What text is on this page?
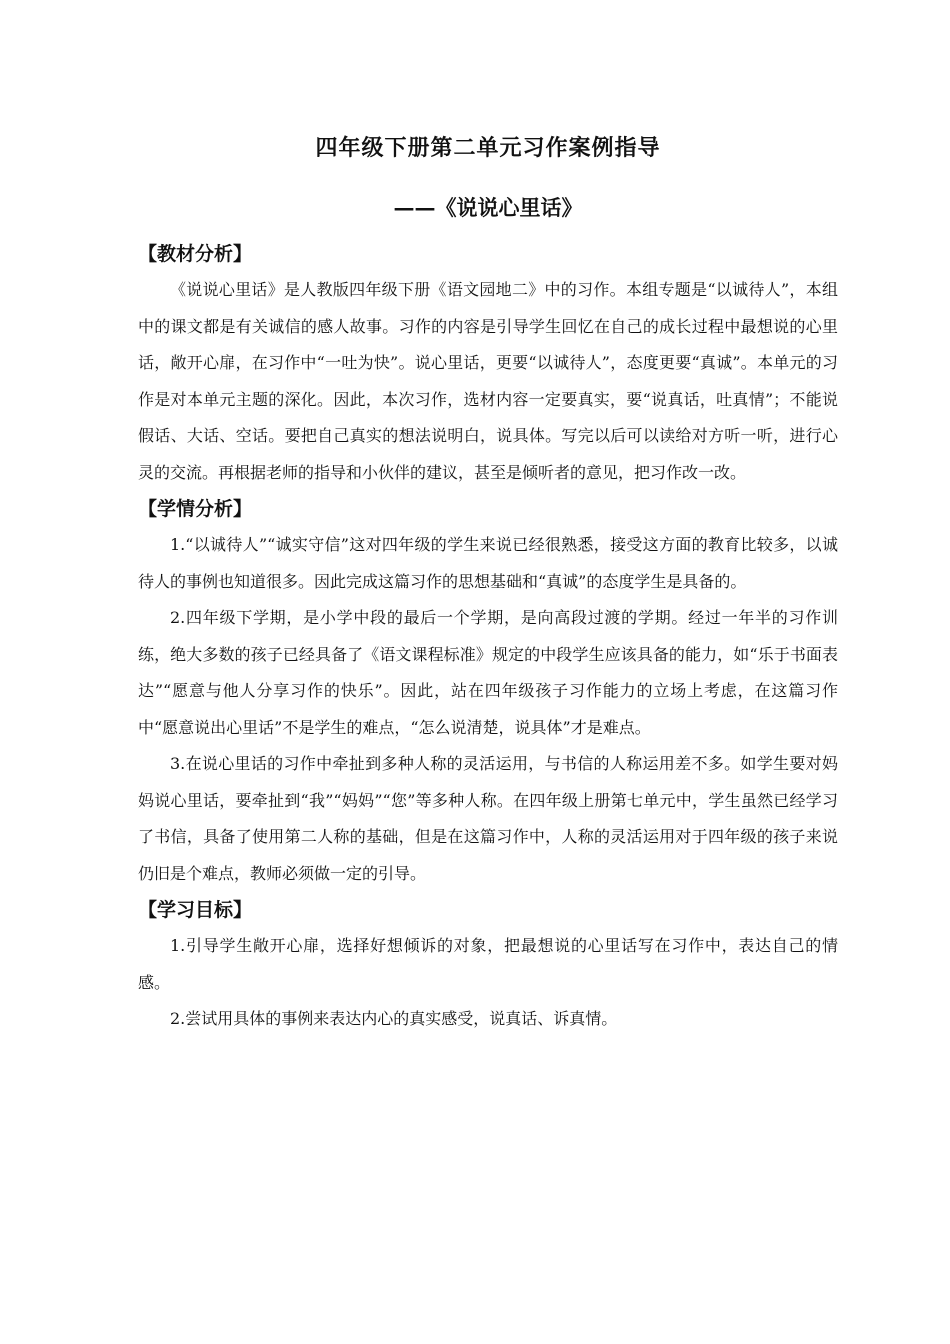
四年级下册第二单元习作案例指导
——《说说心里话》
【教材分析】

《说说心里话》是人教版四年级下册《语文园地二》中的习作。本组专题是“以诚待人”，本组中的课文都是有关诚信的感人故事。习作的内容是引导学生回忆在自己的成长过程中最想说的心里话，敞开心扉，在习作中“一吐为快”。说心里话，更要“以诚待人”，态度更要“真诚”。本单元的习作是对本单元主题的深化。因此，本次习作，选材内容一定要真实，要“说真话，吐真情”；不能说假话、大话、空话。要把自己真实的想法说明白，说具体。写完以后可以读给对方听一听，进行心灵的交流。再根据老师的指导和小伙伴的建议，甚至是倾听者的意见，把习作改一改。

【学情分析】

1.“以诚待人”“诚实守信”这对四年级的学生来说已经很熟悉，接受这方面的教育比较多，以诚待人的事例也知道很多。因此完成这篇习作的思想基础和“真诚”的态度学生是具备的。

2.四年级下学期，是小学中段的最后一个学期，是向高段过渡的学期。经过一年半的习作训练，绝大多数的孩子已经具备了《语文课程标准》规定的中段学生应该具备的能力，如“乐于书面表达”“愿意与他人分享习作的快乐”。因此，站在四年级孩子习作能力的立场上考虑，在这篇习作中“愿意说出心里话”不是学生的难点，“怎么说清楚，说具体”才是难点。

3.在说心里话的习作中牵扯到多种人称的灵活运用，与书信的人称运用差不多。如学生要对妈妈说心里话，要牵扯到“我”“妈妈”“您”等多种人称。在四年级上册第七单元中，学生虽然已经学习了书信，具备了使用第二人称的基础，但是在这篇习作中，人称的灵活运用对于四年级的孩子来说仍旧是个难点，教师必须做一定的引导。

【学习目标】

1.引导学生敞开心扉，选择好想倾诉的对象，把最想说的心里话写在习作中，表达自己的情感。

2.尝试用具体的事例来表达内心的真实感受，说真话、诉真情。
